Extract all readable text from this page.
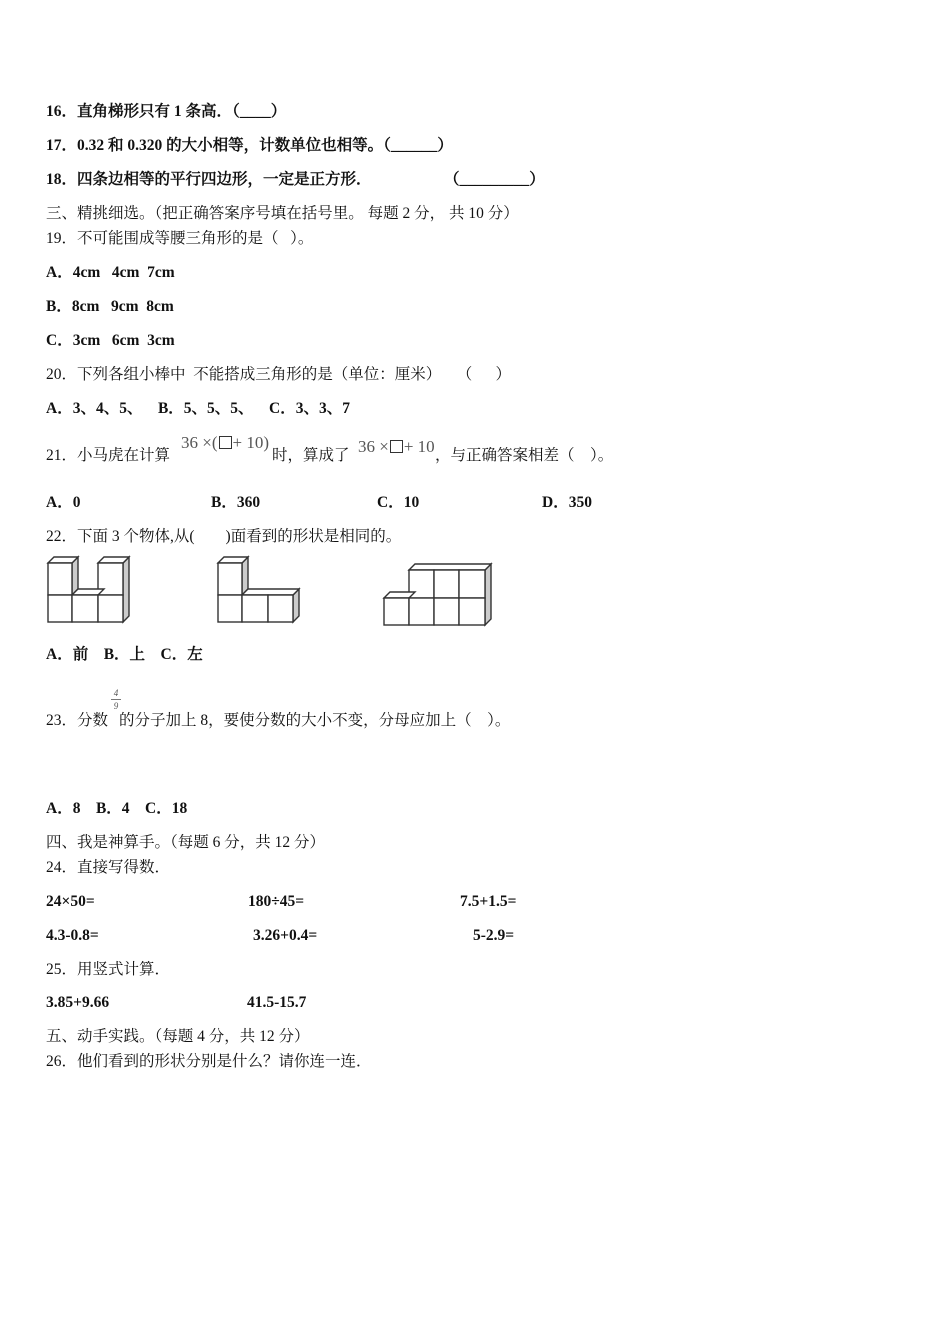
16．直角梯形只有 1 条高．（____）
17．0.32 和 0.320 的大小相等，计数单位也相等。（______）
18．四条边相等的平行四边形，一定是正方形．	（_________）
三、精挑细选。（把正确答案序号填在括号里。 每题 2 分， 共 10 分）
19．不可能围成等腰三角形的是（   ）。
A．4cm   4cm  7cm
B．8cm   9cm  8cm
C．3cm   6cm  3cm
20．下列各组小棒中  不能搭成三角形的是（单位：厘米）    （      ）
A．3、4、5、    B．5、5、5、    C．3、3、7
21．小马虎在计算
36 ×( + 10)
时，算成了 36 × + 10 ，与正确答案相差（    ）。
A．0	B．360	C．10	D．350
22．下面 3 个物体,从(        )面看到的形状是相同的。
A．前    B．上    C．左
4
9
23．分数 的分子加上 8，要使分数的大小不变，分母应加上（    ）。
A．8    B．4    C．18
四、我是神算手。（每题 6 分，共 12 分）
24．直接写得数．
24×50=	180÷45=	7.5+1.5=
4.3-0.8=	3.26+0.4=	5-2.9=
25．用竖式计算．
3.85+9.66	41.5-15.7
五、动手实践。（每题 4 分，共 12 分）
26．他们看到的形状分别是什么？请你连一连．
